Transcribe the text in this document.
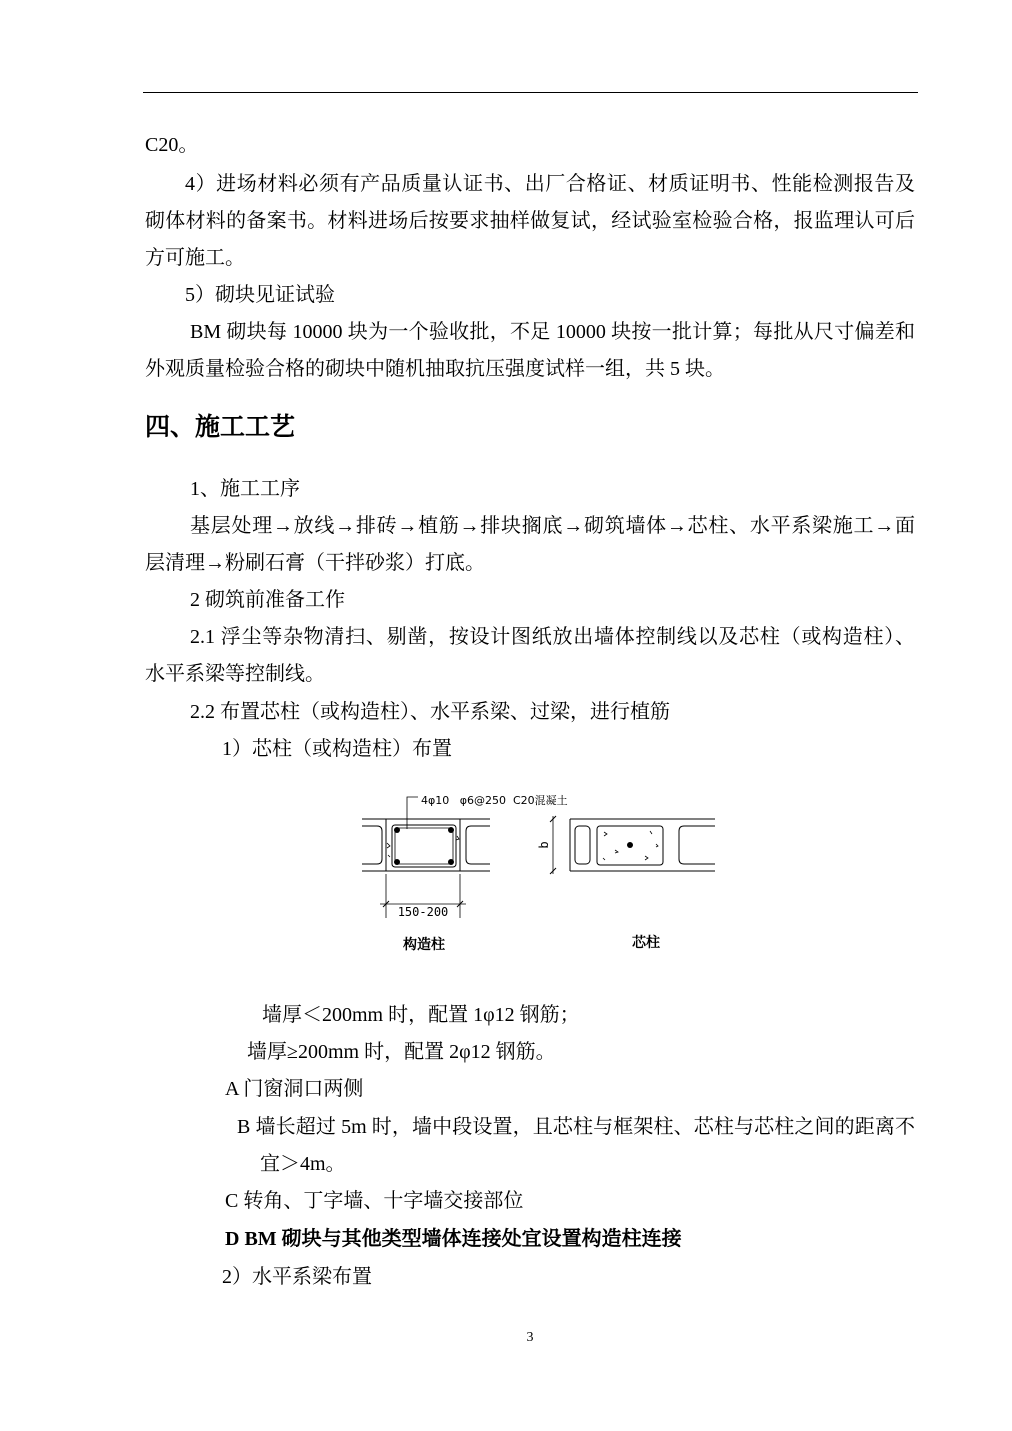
C20。
4）进场材料必须有产品质量认证书、出厂合格证、材质证明书、性能检测报告及
砌体材料的备案书。材料进场后按要求抽样做复试，经试验室检验合格，报监理认可后
方可施工。
5）砌块见证试验
BM 砌块每 10000 块为一个验收批，不足 10000 块按一批计算；每批从尺寸偏差和
外观质量检验合格的砌块中随机抽取抗压强度试样一组，共 5 块。
四、施工工艺
1、施工工序
基层处理→放线→排砖→植筋→排块搁底→砌筑墙体→芯柱、水平系梁施工→面
层清理→粉刷石膏（干拌砂浆）打底。
2 砌筑前准备工作
2.1 浮尘等杂物清扫、剔凿，按设计图纸放出墙体控制线以及芯柱（或构造柱）、
水平系梁等控制线。
2.2 布置芯柱（或构造柱）、水平系梁、过梁，进行植筋
1）芯柱（或构造柱）布置
4φ10   φ6@250  C20混凝土
150-200
构造柱
b
芯柱
墙厚＜200mm 时，配置 1φ12 钢筋；
墙厚≥200mm 时，配置 2φ12 钢筋。
A 门窗洞口两侧
B 墙长超过 5m 时，墙中段设置，且芯柱与框架柱、芯柱与芯柱之间的距离不
宜＞4m。
C 转角、丁字墙、十字墙交接部位
D BM 砌块与其他类型墙体连接处宜设置构造柱连接
2）水平系梁布置
3
